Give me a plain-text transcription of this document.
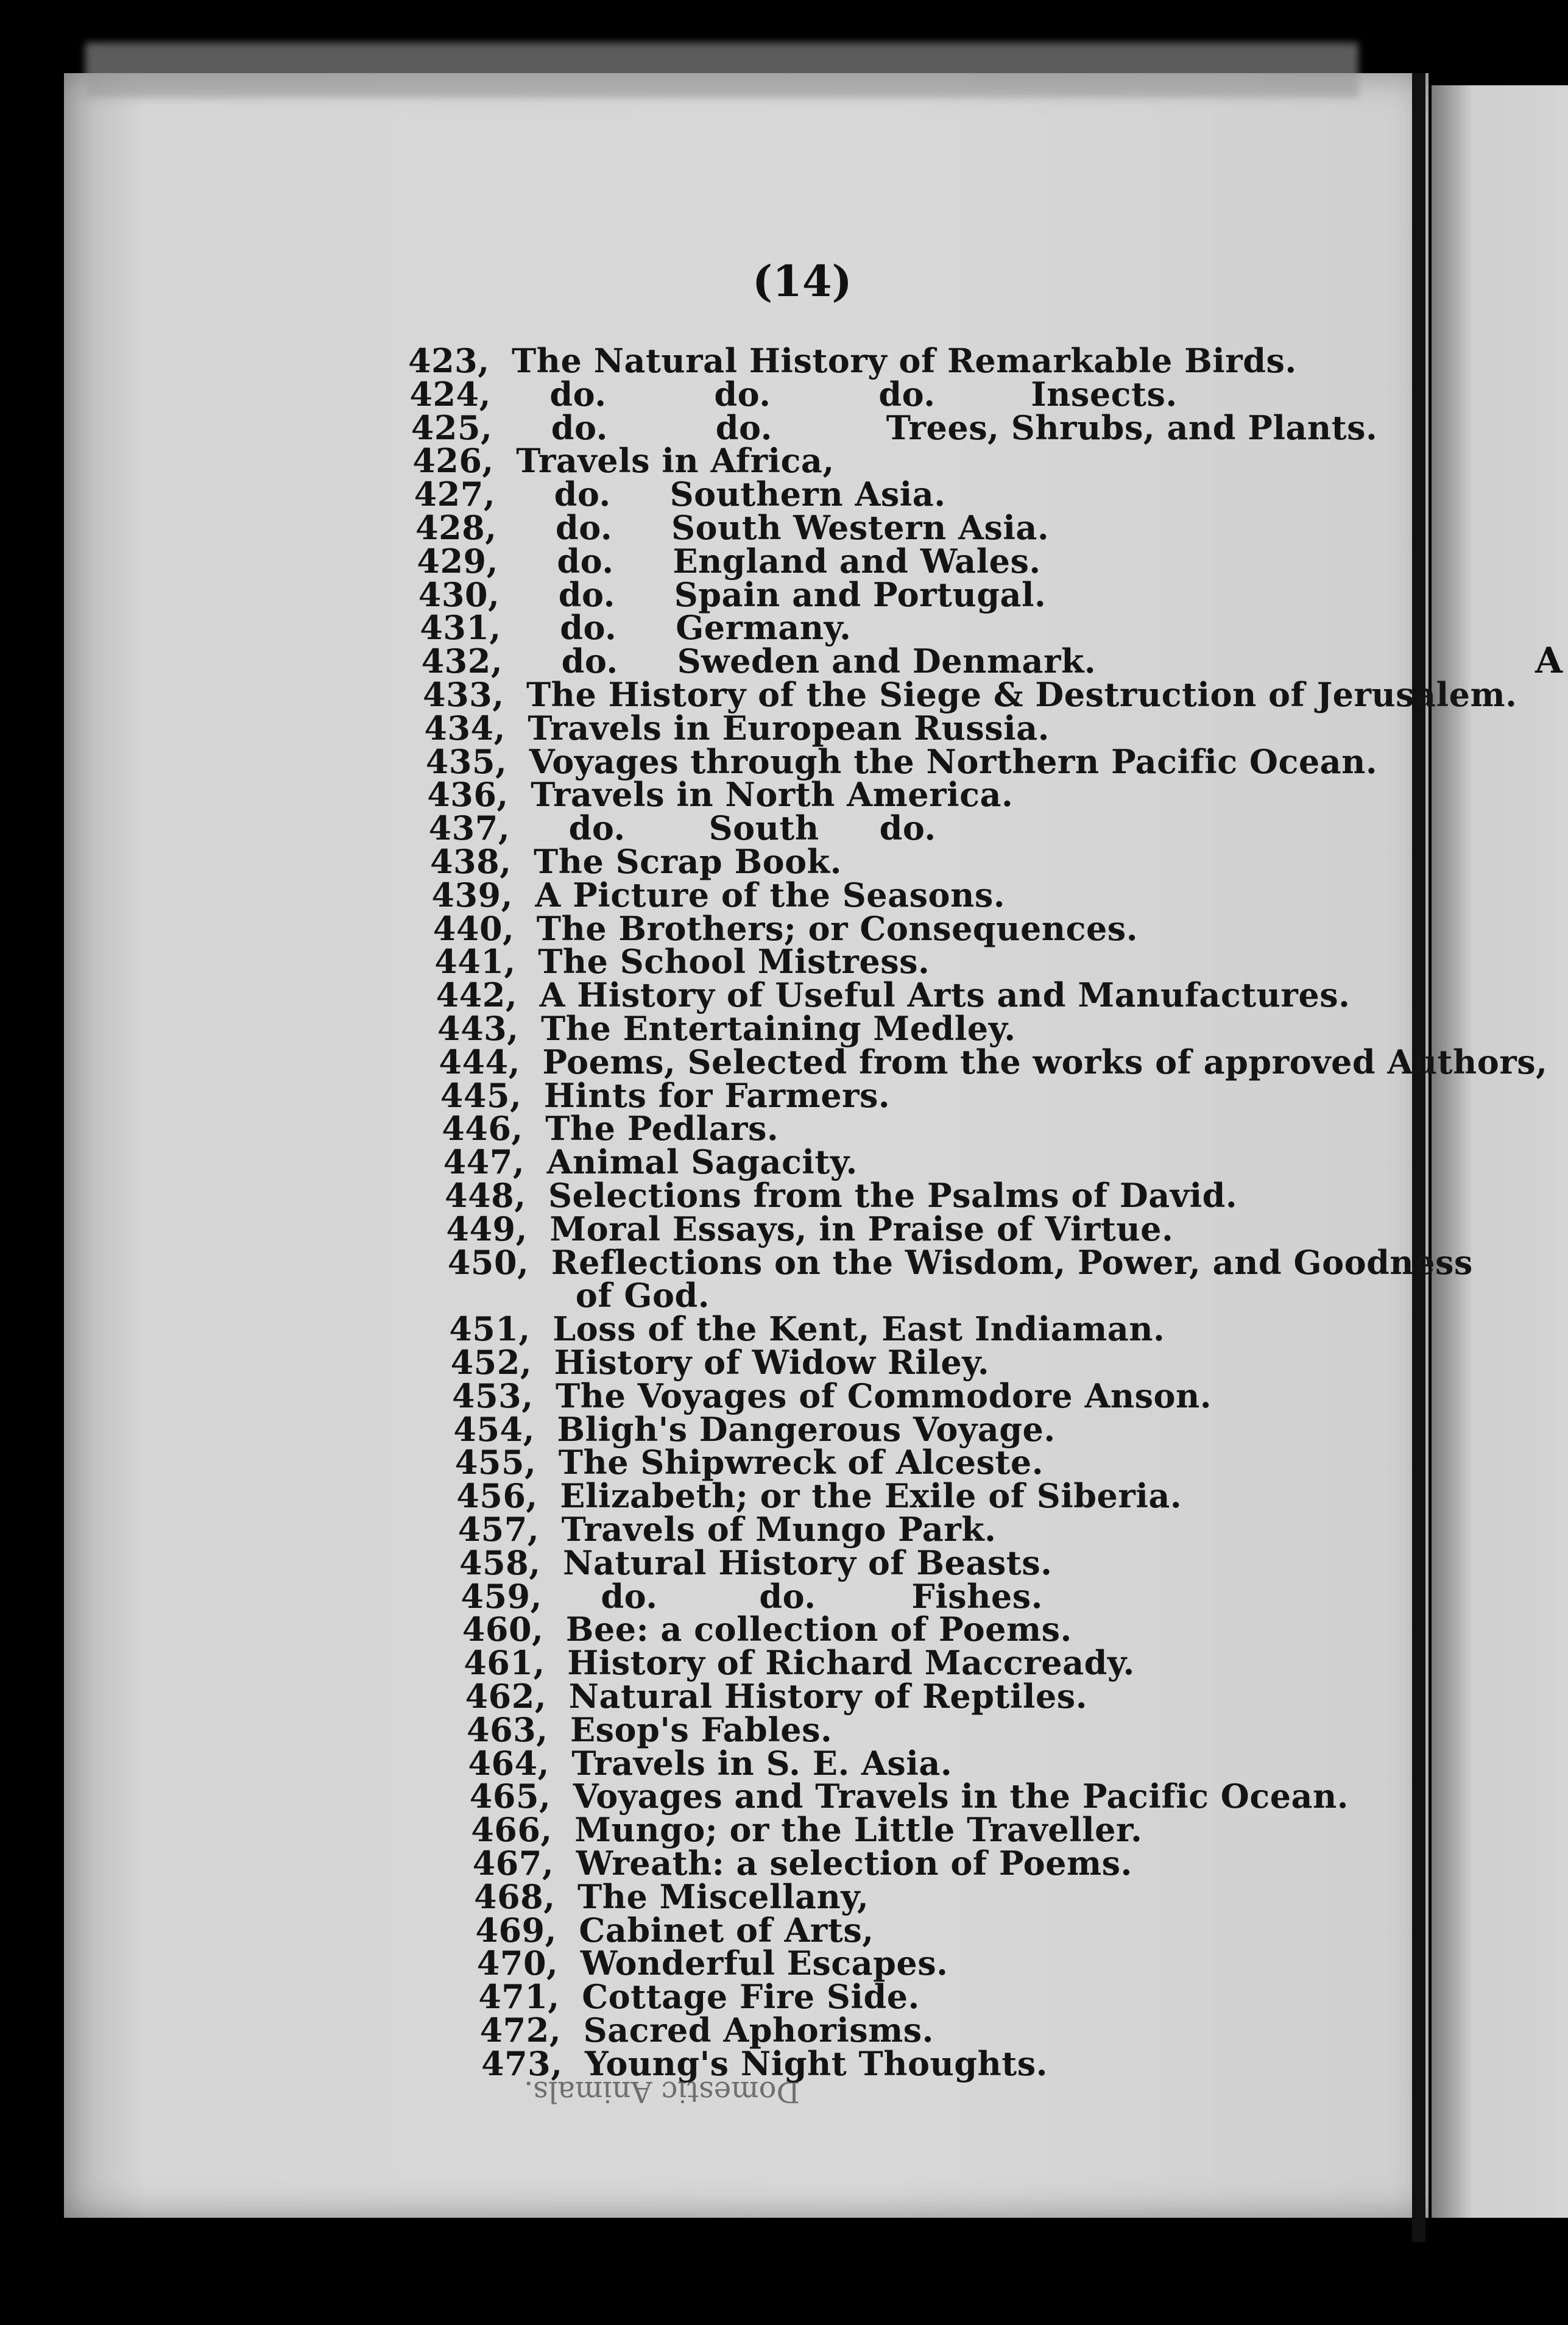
A
(14)
Domestic Animals.
423, The Natural History of Remarkable Birds.
424, do.	do.	do.	Insects.
425, do.	do.	Trees, Shrubs, and Plants.
426, Travels in Africa,
427, do. Southern Asia.
428, do. South Western Asia.
429, do. England and Wales.
430, do. Spain and Portugal.
431, do. Germany.
432, do. Sweden and Denmark.
433, The History of the Siege & Destruction of Jerusalem.
434, Travels in European Russia.
435, Voyages through the Northern Pacific Ocean.
436, Travels in North America.
437, do.	South do.
438, The Scrap Book.
439, A Picture of the Seasons.
440, The Brothers; or Consequences.
441, The School Mistress.
442, A History of Useful Arts and Manufactures.
443, The Entertaining Medley.
444, Poems, Selected from the works of approved Authors,
445, Hints for Farmers.
446, The Pedlars.
447, Animal Sagacity.
448, Selections from the Psalms of David.
449, Moral Essays, in Praise of Virtue.
450, Reflections on the Wisdom, Power, and Goodness
of God.
451, Loss of the Kent, East Indiaman.
452, History of Widow Riley.
453, The Voyages of Commodore Anson.
454, Bligh's Dangerous Voyage.
455, The Shipwreck of Alceste.
456, Elizabeth; or the Exile of Siberia.
457, Travels of Mungo Park.
458, Natural History of Beasts.
459, do.	do.	Fishes.
460, Bee: a collection of Poems.
461, History of Richard Maccready.
462, Natural History of Reptiles.
463, Esop's Fables.
464, Travels in S. E. Asia.
465, Voyages and Travels in the Pacific Ocean.
466, Mungo; or the Little Traveller.
467, Wreath: a selection of Poems.
468, The Miscellany,
469, Cabinet of Arts,
470, Wonderful Escapes.
471, Cottage Fire Side.
472, Sacred Aphorisms.
473, Young's Night Thoughts.
